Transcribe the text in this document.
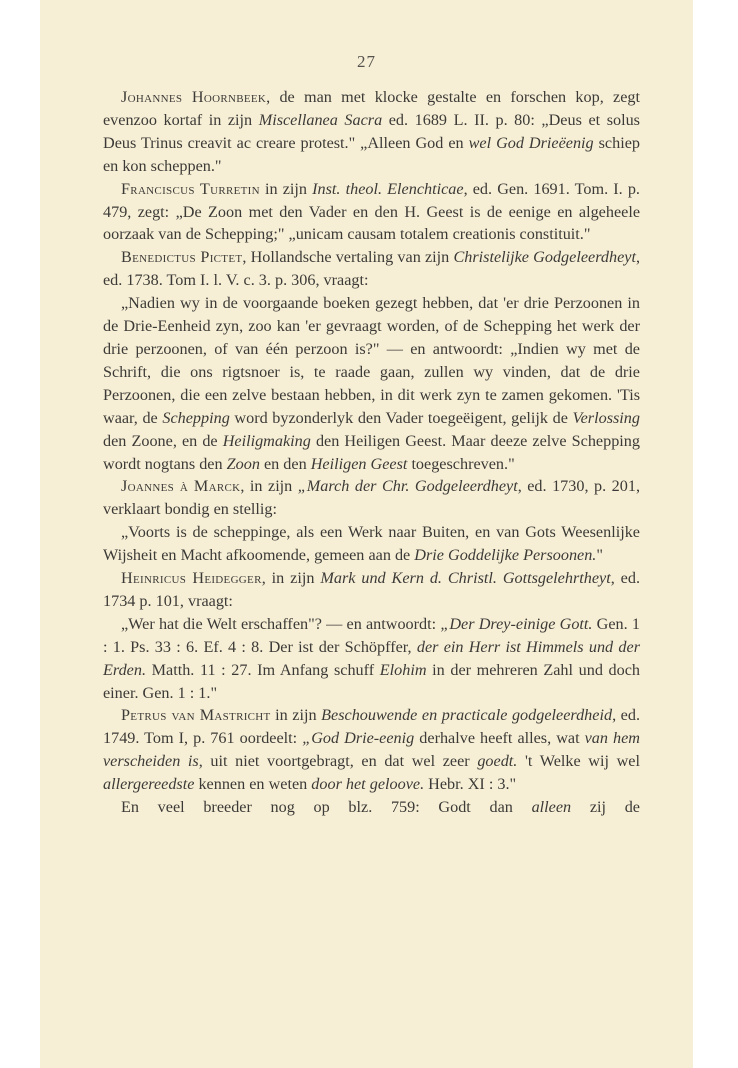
27

Johannes Hoornbeek, de man met klocke gestalte en forschen kop, zegt evenzoo kortaf in zijn Miscellanea Sacra ed. 1689 L. II. p. 80: „Deus et solus Deus Trinus creavit ac creare protest." „Alleen God en wel God Drieëenig schiep en kon scheppen."

Franciscus Turretin in zijn Inst. theol. Elenchticae, ed. Gen. 1691. Tom. I. p. 479, zegt: „De Zoon met den Vader en den H. Geest is de eenige en algeheele oorzaak van de Schepping;" „unicam causam totalem creationis constituit."

Benedictus Pictet, Hollandsche vertaling van zijn Christelijke Godgeleerdheyt, ed. 1738. Tom I. l. V. c. 3. p. 306, vraagt:

„Nadien wy in de voorgaande boeken gezegt hebben, dat 'er drie Perzoonen in de Drie-Eenheid zyn, zoo kan 'er gevraagt worden, of de Schepping het werk der drie perzoonen, of van één perzoon is?" — en antwoordt: „Indien wy met de Schrift, die ons rigtsnoer is, te raade gaan, zullen wy vinden, dat de drie Perzoonen, die een zelve bestaan hebben, in dit werk zyn te zamen gekomen. 'Tis waar, de Schepping word byzonderlyk den Vader toegeëigent, gelijk de Verlossing den Zoone, en de Heiligmaking den Heiligen Geest. Maar deeze zelve Schepping wordt nogtans den Zoon en den Heiligen Geest toegeschreven."

Joannes à Marck, in zijn „March der Chr. Godgeleerdheyt, ed. 1730, p. 201, verklaart bondig en stellig:

„Voorts is de scheppinge, als een Werk naar Buiten, en van Gots Weesenlijke Wijsheit en Macht afkoomende, gemeen aan de Drie Goddelijke Persoonen."

Heinricus Heidegger, in zijn Mark und Kern d. Christl. Gottsgelehrtheyt, ed. 1734 p. 101, vraagt:

„Wer hat die Welt erschaffen"? — en antwoordt: „Der Drey-einige Gott. Gen. 1 : 1. Ps. 33 : 6. Ef. 4 : 8. Der ist der Schöpffer, der ein Herr ist Himmels und der Erden. Matth. 11 : 27. Im Anfang schuff Elohim in der mehreren Zahl und doch einer. Gen. 1 : 1."

Petrus van Mastricht in zijn Beschouwende en practicale godgeleerdheid, ed. 1749. Tom I, p. 761 oordeelt: „God Drie-eenig derhalve heeft alles, wat van hem verscheiden is, uit niet voortgebragt, en dat wel zeer goedt. 't Welke wij wel allergereedste kennen en weten door het geloove. Hebr. XI : 3."

En veel breeder nog op blz. 759: Godt dan alleen zij de
